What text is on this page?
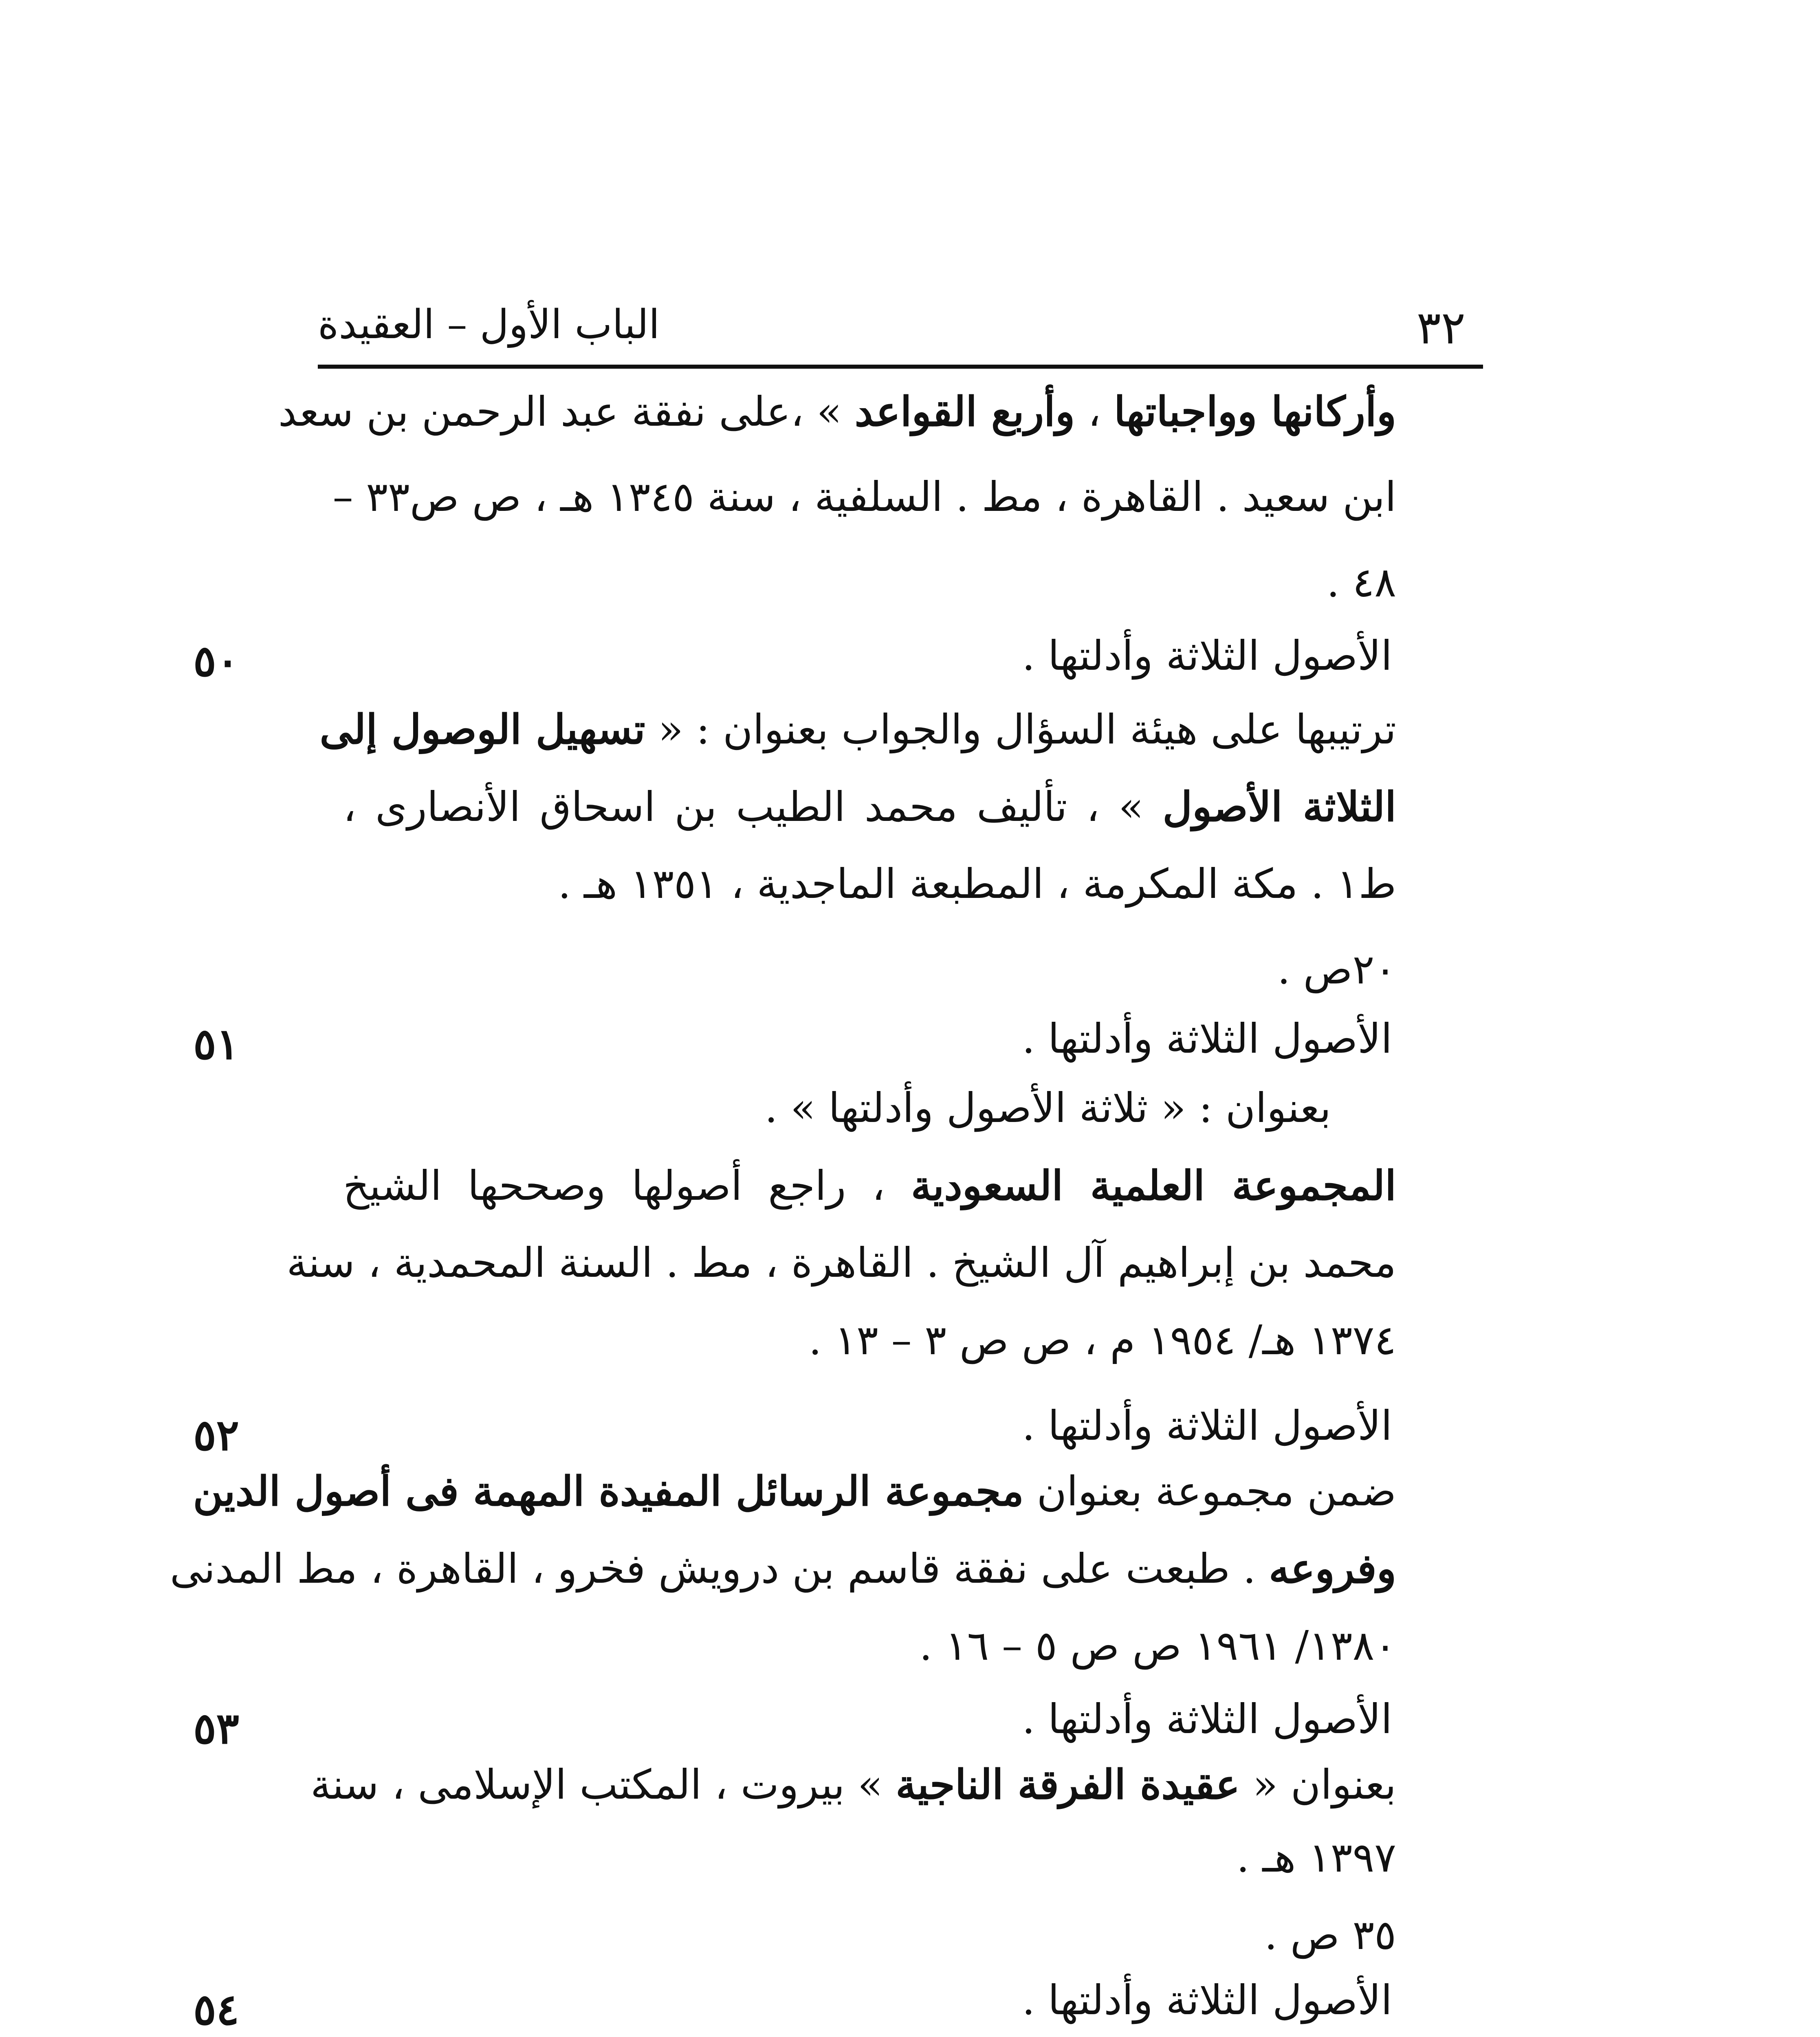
٣٢
الباب الأول – العقيدة
وأركانها وواجباتها ، وأربع القواعد » ،على نفقة عبد الرحمن بن سعد
ابن سعيد . القاهرة ، مط . السلفية ، سنة ١٣٤٥ هـ ، ص ص٣٣ –
٤٨ .
٥٠	الأصول الثلاثة وأدلتها .
ترتيبها على هيئة السؤال والجواب بعنوان : « تسهيل الوصول إلى
الثلاثة الأصول » ، تأليف محمد الطيب بن اسحاق الأنصارى ،
ط١ . مكة المكرمة ، المطبعة الماجدية ، ١٣٥١ هـ .
٢٠ص .
٥١	الأصول الثلاثة وأدلتها .
بعنوان : « ثلاثة الأصول وأدلتها » .
المجموعة العلمية السعودية ، راجع أصولها وصححها الشيخ
محمد بن إبراهيم آل الشيخ . القاهرة ، مط . السنة المحمدية ، سنة
١٣٧٤ هـ/ ١٩٥٤ م ، ص ص ٣ – ١٣ .
٥٢	الأصول الثلاثة وأدلتها .
ضمن مجموعة بعنوان مجموعة الرسائل المفيدة المهمة فى أصول الدين
وفروعه . طبعت على نفقة قاسم بن درويش فخرو ، القاهرة ، مط المدنى
١٣٨٠/ ١٩٦١ ص ص ٥ – ١٦ .
٥٣	الأصول الثلاثة وأدلتها .
بعنوان « عقيدة الفرقة الناجية » بيروت ، المكتب الإسلامى ، سنة
١٣٩٧ هـ .
٣٥ ص .
٥٤	الأصول الثلاثة وأدلتها .
